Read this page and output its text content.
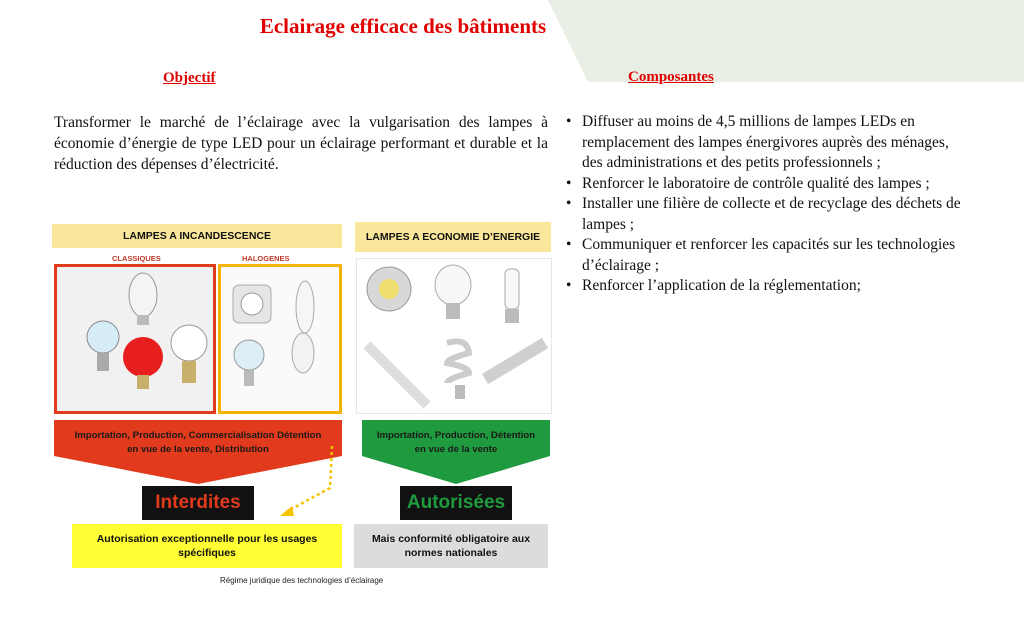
Eclairage efficace des bâtiments
Objectif

Transformer le marché de l’éclairage avec la vulgarisation des lampes à économie d’énergie de type LED pour un éclairage performant et durable et la réduction des dépenses d’électricité.

Composantes
• Diffuser au moins de 4,5 millions de lampes LEDs en remplacement des lampes énergivores auprès des ménages, des administrations et des petits professionnels ;
• Renforcer le laboratoire de contrôle qualité des lampes ;
• Installer une filière de collecte et de recyclage des déchets de lampes ;
• Communiquer et renforcer les capacités sur les technologies d’éclairage ;
• Renforcer l’application de la réglementation;
LAMPES A INCANDESCENCE	LAMPES A ECONOMIE D’ENERGIE
CLASSIQUES	HALOGENES
Importation, Production, Commercialisation Détention en vue de la vente, Distribution
Importation, Production, Détention en vue de la vente
Interdites	Autorisées
Autorisation exceptionnelle pour les usages spécifiques
Mais conformité obligatoire aux normes nationales
Régime juridique des technologies d’éclairage
